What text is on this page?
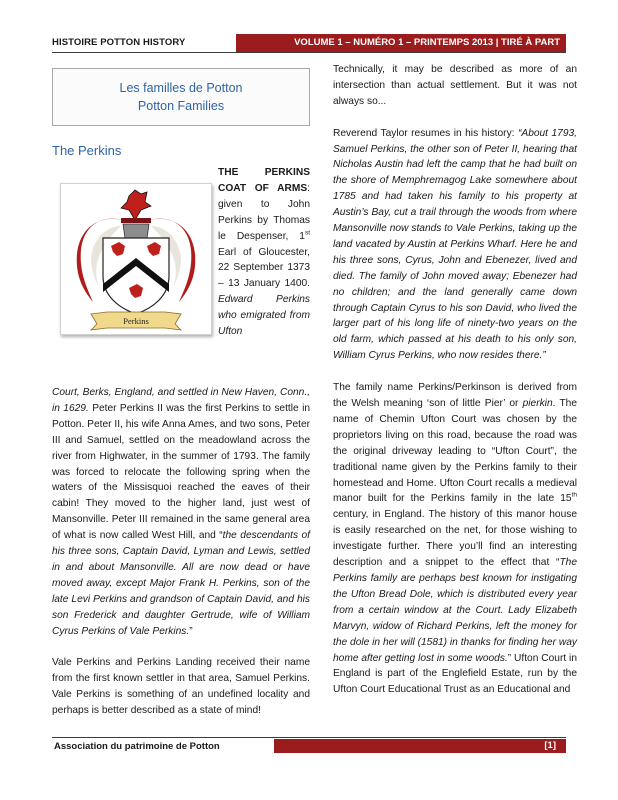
HISTOIRE POTTON HISTORY	VOLUME 1 – NUMÉRO 1 – PRINTEMPS 2013 | TIRÉ À PART
Les familles de Potton
Potton Families
The Perkins
Perkins
THE PERKINS COAT OF ARMS: given to John Perkins by Thomas le Despenser, 1st Earl of Gloucester, 22 September 1373 – 13 January 1400. Edward Perkins who emigrated from Ufton

Court, Berks, England, and settled in New Haven, Conn., in 1629. Peter Perkins II was the first Perkins to settle in Potton. Peter II, his wife Anna Ames, and two sons, Peter III and Samuel, settled on the meadowland across the river from Highwater, in the summer of 1793. The family was forced to relocate the following spring when the waters of the Missisquoi reached the eaves of their cabin! They moved to the higher land, just west of Mansonville. Peter III remained in the same general area of what is now called West Hill, and “the descendants of his three sons, Captain David, Lyman and Lewis, settled in and about Mansonville. All are now dead or have moved away, except Major Frank H. Perkins, son of the late Levi Perkins and grandson of Captain David, and his son Frederick and daughter Gertrude, wife of William Cyrus Perkins of Vale Perkins.”

Vale Perkins and Perkins Landing received their name from the first known settler in that area, Samuel Perkins. Vale Perkins is something of an undefined locality and perhaps is better described as a state of mind!

Technically, it may be described as more of an intersection than actual settlement. But it was not always so...

Reverend Taylor resumes in his history: “About 1793, Samuel Perkins, the other son of Peter II, hearing that Nicholas Austin had left the camp that he had built on the shore of Memphremagog Lake somewhere about 1785 and had taken his family to his property at Austin’s Bay, cut a trail through the woods from where Mansonville now stands to Vale Perkins, taking up the land vacated by Austin at Perkins Wharf. Here he and his three sons, Cyrus, John and Ebenezer, lived and died. The family of John moved away; Ebenezer had no children; and the land generally came down through Captain Cyrus to his son David, who lived the larger part of his long life of ninety-two years on the old farm, which passed at his death to his only son, William Cyrus Perkins, who now resides there.”

The family name Perkins/Perkinson is derived from the Welsh meaning ‘son of little Pier’ or pierkin. The name of Chemin Ufton Court was chosen by the proprietors living on this road, because the road was the original driveway leading to “Ufton Court”, the traditional name given by the Perkins family to their homestead and Home. Ufton Court recalls a medieval manor built for the Perkins family in the late 15th century, in England. The history of this manor house is easily researched on the net, for those wishing to investigate further. There you’ll find an interesting description and a snippet to the effect that “The Perkins family are perhaps best known for instigating the Ufton Bread Dole, which is distributed every year from a certain window at the Court. Lady Elizabeth Marvyn, widow of Richard Perkins, left the money for the dole in her will (1581) in thanks for finding her way home after getting lost in some woods.” Ufton Court in England is part of the Englefield Estate, run by the Ufton Court Educational Trust as an Educational and

Association du patrimoine de Potton	[1]
